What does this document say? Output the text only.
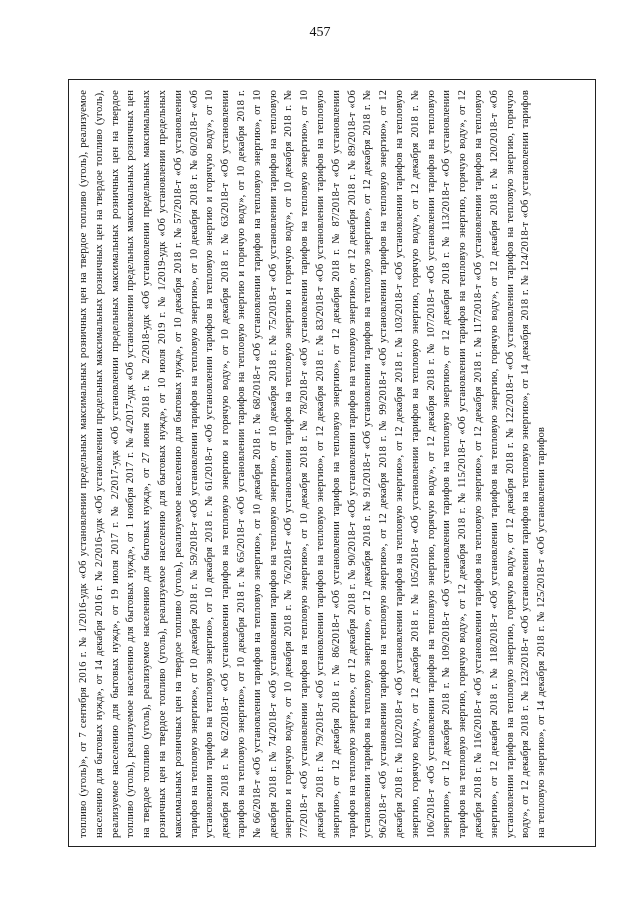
457

топливо (уголь)», от 7 сентября 2016 г. № 1/2016-удк «Об установлении предельных максимальных розничных цен на твердое топливо (уголь), реализуемое населению для бытовых нужд», от 14 декабря 2016 г. № 2/2016-удк «Об установлении предельных максимальных розничных цен на твердое топливо (уголь), реализуемое населению для бытовых нужд», от 19 июля 2017 г. № 2/2017-удк «Об установлении предельных максимальных розничных цен на твердое топливо (уголь), реализуемое населению для бытовых нужд», от 1 ноября 2017 г. № 4/2017-удк «Об установлении предельных максимальных розничных цен на твердое топливо (уголь), реализуемое населению для бытовых нужд», от 27 июня 2018 г. № 2/2018-удк «Об установлении предельных максимальных розничных цен на твердое топливо (уголь), реализуемое населению для бытовых нужд», от 10 июля 2019 г. № 1/2019-удк «Об установлении предельных максимальных розничных цен на твердое топливо (уголь), реализуемое населению для бытовых нужд», от 10 декабря 2018 г. № 57/2018-т «Об установлении тарифов на тепловую энергию», от 10 декабря 2018 г. № 59/2018-т «Об установлении тарифов на тепловую энергию», от 10 декабря 2018 г. № 60/2018-т «Об установлении тарифов на тепловую энергию», от 10 декабря 2018 г. № 61/2018-т «Об установлении тарифов на тепловую энергию и горячую воду», от 10 декабря 2018 г. № 62/2018-т «Об установлении тарифов на тепловую энергию и горячую воду», от 10 декабря 2018 г. № 63/2018-т «Об установлении тарифов на тепловую энергию», от 10 декабря 2018 г. № 65/2018-т «Об установлении тарифов на тепловую энергию и горячую воду», от 10 декабря 2018 г. № 66/2018-т «Об установлении тарифов на тепловую энергию», от 10 декабря 2018 г. № 68/2018-т «Об установлении тарифов на тепловую энергию», от 10 декабря 2018 г. № 74/2018-т «Об установлении тарифов на тепловую энергию», от 10 декабря 2018 г. № 75/2018-т «Об установлении тарифов на тепловую энергию и горячую воду», от 10 декабря 2018 г. № 76/2018-т «Об установлении тарифов на тепловую энергию и горячую воду», от 10 декабря 2018 г. № 77/2018-т «Об установлении тарифов на тепловую энергию», от 10 декабря 2018 г. № 78/2018-т «Об установлении тарифов на тепловую энергию», от 10 декабря 2018 г. № 79/2018-т «Об установлении тарифов на тепловую энергию», от 12 декабря 2018 г. № 83/2018-т «Об установлении тарифов на тепловую энергию», от 12 декабря 2018 г. № 86/2018-т «Об установлении тарифов на тепловую энергию», от 12 декабря 2018 г. № 87/2018-т «Об установлении тарифов на тепловую энергию», от 12 декабря 2018 г. № 90/2018-т «Об установлении тарифов на тепловую энергию», от 12 декабря 2018 г. № 89/2018-т «Об установлении тарифов на тепловую энергию», от 12 декабря 2018 г. № 91/2018-т «Об установлении тарифов на тепловую энергию», от 12 декабря 2018 г. № 96/2018-т «Об установлении тарифов на тепловую энергию», от 12 декабря 2018 г. № 99/2018-т «Об установлении тарифов на тепловую энергию», от 12 декабря 2018 г. № 102/2018-т «Об установлении тарифов на тепловую энергию», от 12 декабря 2018 г. № 103/2018-т «Об установлении тарифов на тепловую энергию, горячую воду», от 12 декабря 2018 г. № 105/2018-т «Об установлении тарифов на тепловую энергию, горячую воду», от 12 декабря 2018 г. № 106/2018-т «Об установлении тарифов на тепловую энергию, горячую воду», от 12 декабря 2018 г. № 107/2018-т «Об установлении тарифов на тепловую энергию», от 12 декабря 2018 г. № 109/2018-т «Об установлении тарифов на тепловую энергию», от 12 декабря 2018 г. № 113/2018-т «Об установлении тарифов на тепловую энергию, горячую воду», от 12 декабря 2018 г. № 115/2018-т «Об установлении тарифов на тепловую энергию, горячую воду», от 12 декабря 2018 г. № 116/2018-т «Об установлении тарифов на тепловую энергию», от 12 декабря 2018 г. № 117/2018-т «Об установлении тарифов на тепловую энергию», от 12 декабря 2018 г. № 118/2018-т «Об установлении тарифов на тепловую энергию, горячую воду», от 12 декабря 2018 г. № 120/2018-т «Об установлении тарифов на тепловую энергию, горячую воду», от 12 декабря 2018 г. № 122/2018-т «Об установлении тарифов на тепловую энергию, горячую воду», от 12 декабря 2018 г. № 123/2018-т «Об установлении тарифов на тепловую энергию», от 14 декабря 2018 г. № 124/2018-т «Об установлении тарифов на тепловую энергию», от 14 декабря 2018 г. № 125/2018-т «Об установлении тарифов
